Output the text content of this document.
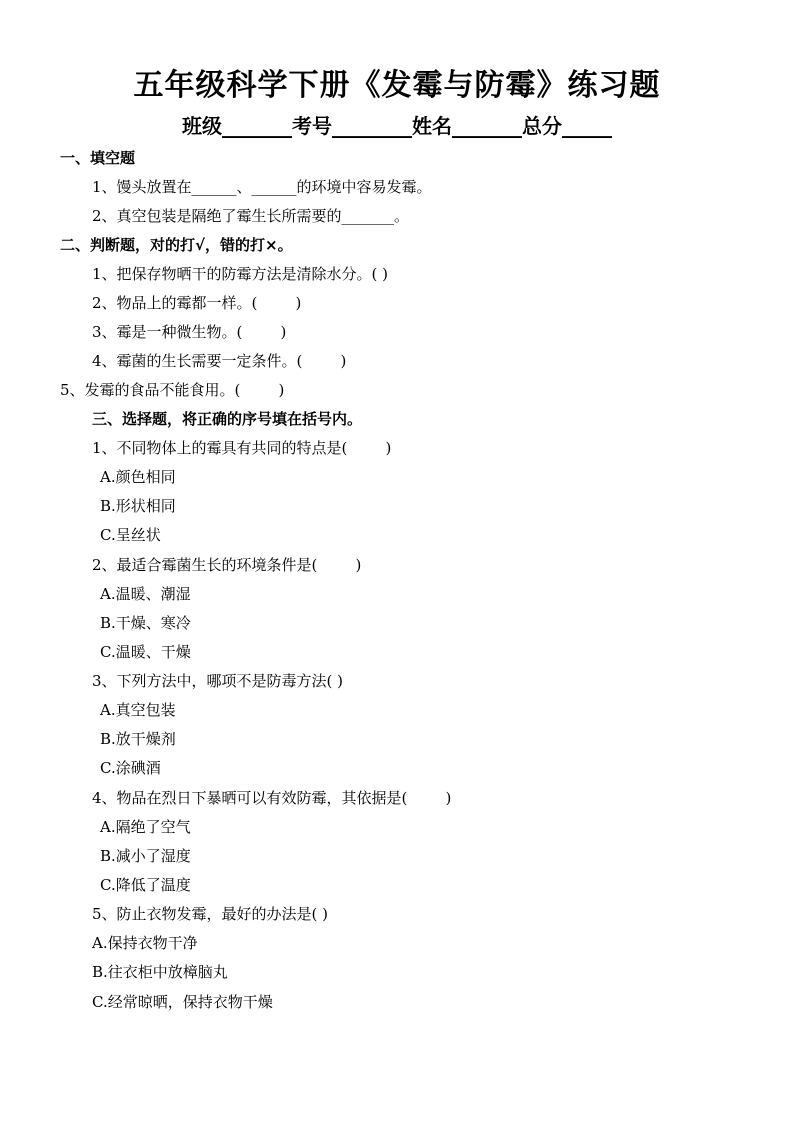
五年级科学下册《发霉与防霉》练习题
班级_______考号________姓名_______总分_____
一、填空题
1、馒头放置在______、______的环境中容易发霉。
2、真空包装是隔绝了霉生长所需要的_______。
二、判断题，对的打√，错的打×。
1、把保存物晒干的防霉方法是清除水分。( )
2、物品上的霉都一样。(        )
3、霉是一种微生物。(        )
4、霉菌的生长需要一定条件。(        )
5、发霉的食品不能食用。(        )
三、选择题，将正确的序号填在括号内。
1、不同物体上的霉具有共同的特点是(        )
A.颜色相同
B.形状相同
C.呈丝状
2、最适合霉菌生长的环境条件是(        )
A.温暖、潮湿
B.干燥、寒冷
C.温暖、干燥
3、下列方法中，哪项不是防毒方法( )
A.真空包装
B.放干燥剂
C.涂碘酒
4、物品在烈日下暴晒可以有效防霉，其依据是(        )
A.隔绝了空气
B.减小了湿度
C.降低了温度
5、防止衣物发霉，最好的办法是( )
A.保持衣物干净
B.往衣柜中放樟脑丸
C.经常晾晒，保持衣物干燥
